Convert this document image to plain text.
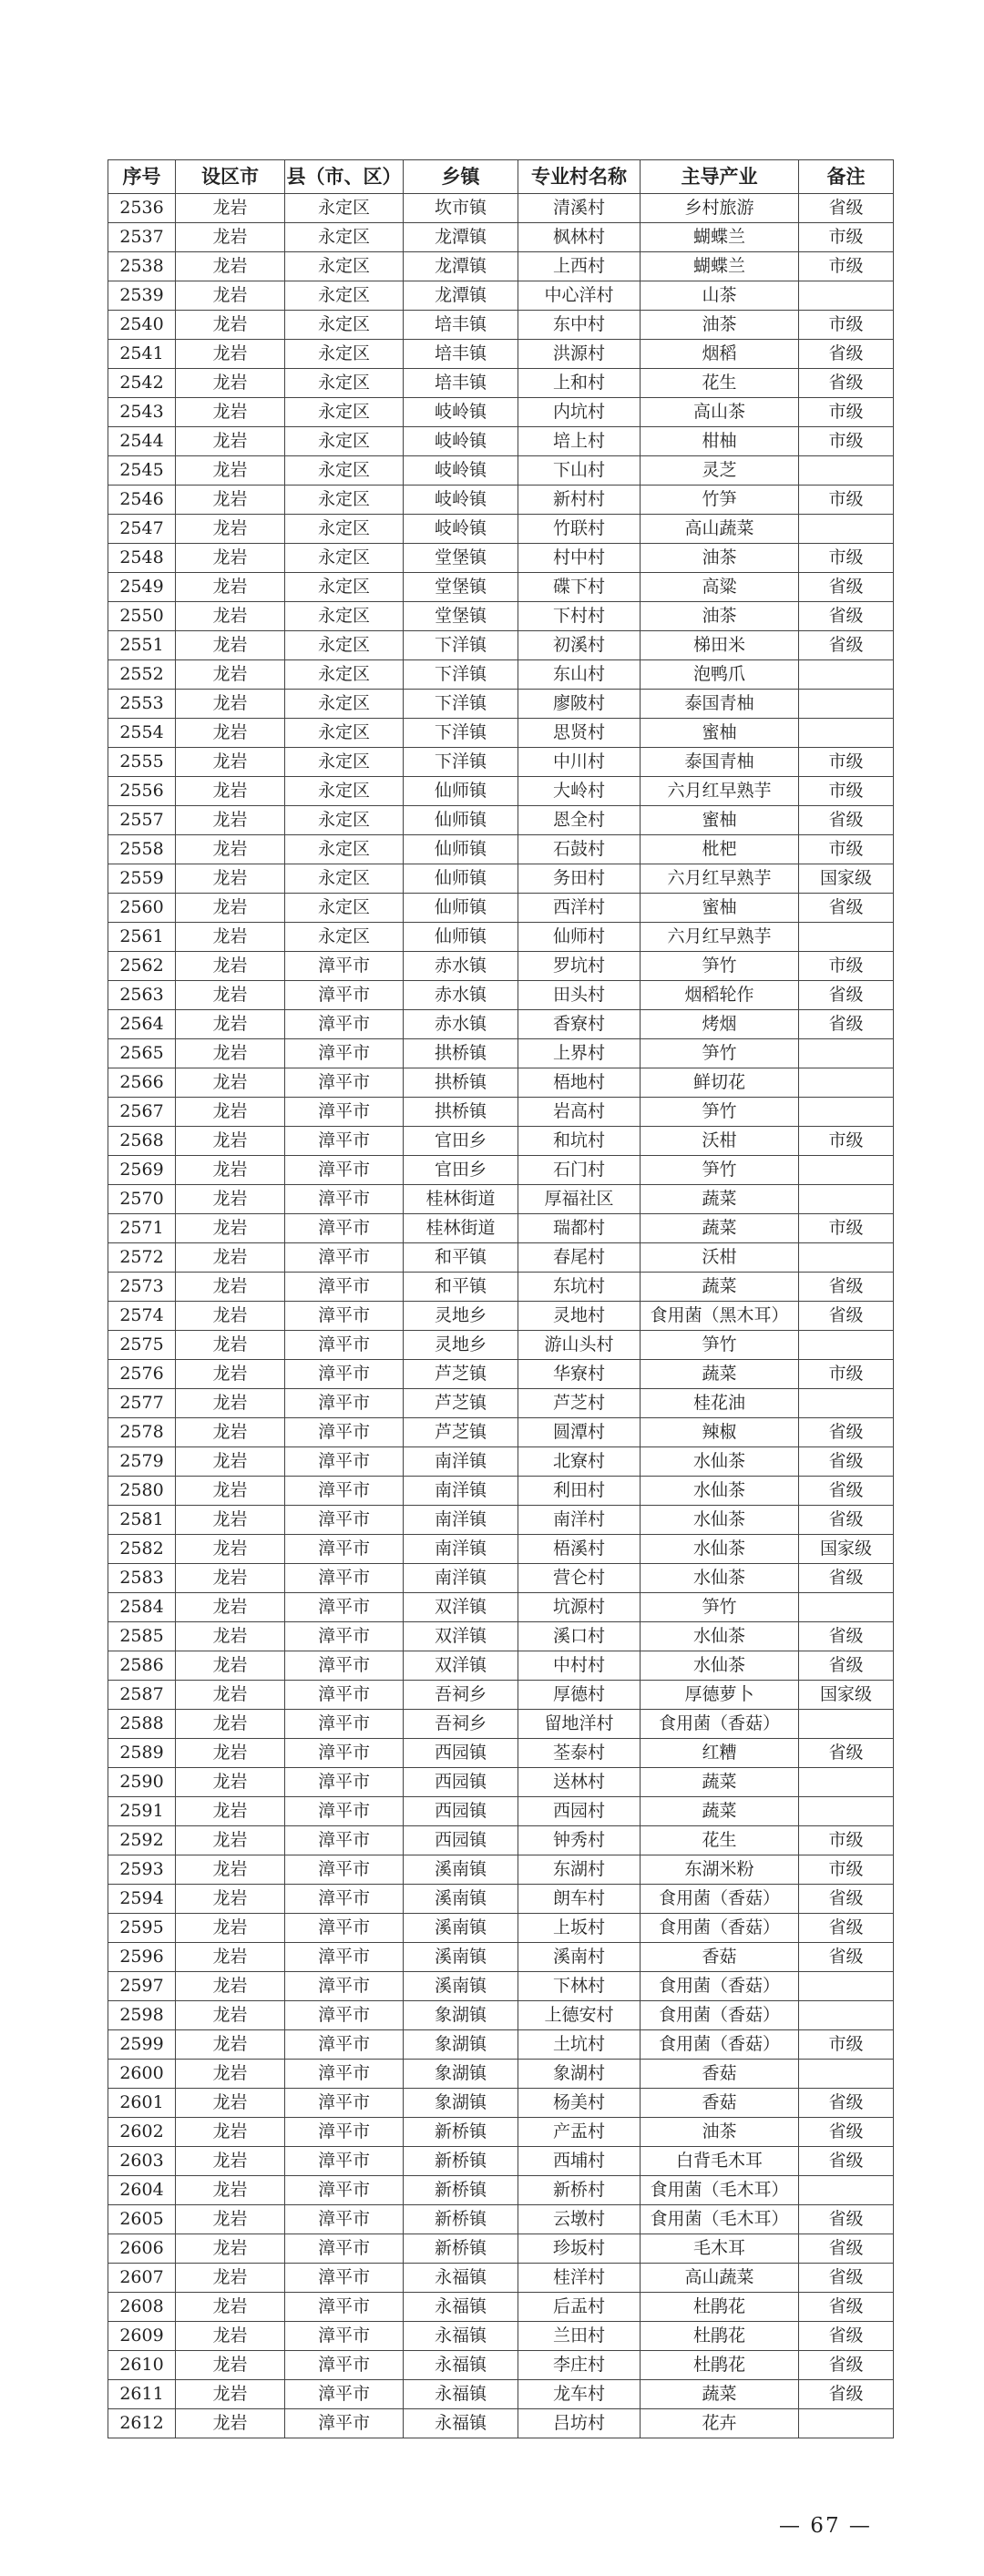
序号	设区市	县（市、区）	乡镇	专业村名称	主导产业	备注
2536	龙岩	永定区	坎市镇	清溪村	乡村旅游	省级
2537	龙岩	永定区	龙潭镇	枫林村	蝴蝶兰	市级
2538	龙岩	永定区	龙潭镇	上西村	蝴蝶兰	市级
2539	龙岩	永定区	龙潭镇	中心洋村	山茶	
2540	龙岩	永定区	培丰镇	东中村	油茶	市级
2541	龙岩	永定区	培丰镇	洪源村	烟稻	省级
2542	龙岩	永定区	培丰镇	上和村	花生	省级
2543	龙岩	永定区	岐岭镇	内坑村	高山茶	市级
2544	龙岩	永定区	岐岭镇	培上村	柑柚	市级
2545	龙岩	永定区	岐岭镇	下山村	灵芝	
2546	龙岩	永定区	岐岭镇	新村村	竹笋	市级
2547	龙岩	永定区	岐岭镇	竹联村	高山蔬菜	
2548	龙岩	永定区	堂堡镇	村中村	油茶	市级
2549	龙岩	永定区	堂堡镇	碟下村	高粱	省级
2550	龙岩	永定区	堂堡镇	下村村	油茶	省级
2551	龙岩	永定区	下洋镇	初溪村	梯田米	省级
2552	龙岩	永定区	下洋镇	东山村	泡鸭爪	
2553	龙岩	永定区	下洋镇	廖陂村	泰国青柚	
2554	龙岩	永定区	下洋镇	思贤村	蜜柚	
2555	龙岩	永定区	下洋镇	中川村	泰国青柚	市级
2556	龙岩	永定区	仙师镇	大岭村	六月红早熟芋	市级
2557	龙岩	永定区	仙师镇	恩全村	蜜柚	省级
2558	龙岩	永定区	仙师镇	石鼓村	枇杷	市级
2559	龙岩	永定区	仙师镇	务田村	六月红早熟芋	国家级
2560	龙岩	永定区	仙师镇	西洋村	蜜柚	省级
2561	龙岩	永定区	仙师镇	仙师村	六月红早熟芋	
2562	龙岩	漳平市	赤水镇	罗坑村	笋竹	市级
2563	龙岩	漳平市	赤水镇	田头村	烟稻轮作	省级
2564	龙岩	漳平市	赤水镇	香寮村	烤烟	省级
2565	龙岩	漳平市	拱桥镇	上界村	笋竹	
2566	龙岩	漳平市	拱桥镇	梧地村	鲜切花	
2567	龙岩	漳平市	拱桥镇	岩高村	笋竹	
2568	龙岩	漳平市	官田乡	和坑村	沃柑	市级
2569	龙岩	漳平市	官田乡	石门村	笋竹	
2570	龙岩	漳平市	桂林街道	厚福社区	蔬菜	
2571	龙岩	漳平市	桂林街道	瑞都村	蔬菜	市级
2572	龙岩	漳平市	和平镇	春尾村	沃柑	
2573	龙岩	漳平市	和平镇	东坑村	蔬菜	省级
2574	龙岩	漳平市	灵地乡	灵地村	食用菌（黑木耳）	省级
2575	龙岩	漳平市	灵地乡	游山头村	笋竹	
2576	龙岩	漳平市	芦芝镇	华寮村	蔬菜	市级
2577	龙岩	漳平市	芦芝镇	芦芝村	桂花油	
2578	龙岩	漳平市	芦芝镇	圆潭村	辣椒	省级
2579	龙岩	漳平市	南洋镇	北寮村	水仙茶	省级
2580	龙岩	漳平市	南洋镇	利田村	水仙茶	省级
2581	龙岩	漳平市	南洋镇	南洋村	水仙茶	省级
2582	龙岩	漳平市	南洋镇	梧溪村	水仙茶	国家级
2583	龙岩	漳平市	南洋镇	营仑村	水仙茶	省级
2584	龙岩	漳平市	双洋镇	坑源村	笋竹	
2585	龙岩	漳平市	双洋镇	溪口村	水仙茶	省级
2586	龙岩	漳平市	双洋镇	中村村	水仙茶	省级
2587	龙岩	漳平市	吾祠乡	厚德村	厚德萝卜	国家级
2588	龙岩	漳平市	吾祠乡	留地洋村	食用菌（香菇）	
2589	龙岩	漳平市	西园镇	荃泰村	红糟	省级
2590	龙岩	漳平市	西园镇	送林村	蔬菜	
2591	龙岩	漳平市	西园镇	西园村	蔬菜	
2592	龙岩	漳平市	西园镇	钟秀村	花生	市级
2593	龙岩	漳平市	溪南镇	东湖村	东湖米粉	市级
2594	龙岩	漳平市	溪南镇	朗车村	食用菌（香菇）	省级
2595	龙岩	漳平市	溪南镇	上坂村	食用菌（香菇）	省级
2596	龙岩	漳平市	溪南镇	溪南村	香菇	省级
2597	龙岩	漳平市	溪南镇	下林村	食用菌（香菇）	
2598	龙岩	漳平市	象湖镇	上德安村	食用菌（香菇）	
2599	龙岩	漳平市	象湖镇	土坑村	食用菌（香菇）	市级
2600	龙岩	漳平市	象湖镇	象湖村	香菇	
2601	龙岩	漳平市	象湖镇	杨美村	香菇	省级
2602	龙岩	漳平市	新桥镇	产盂村	油茶	省级
2603	龙岩	漳平市	新桥镇	西埔村	白背毛木耳	省级
2604	龙岩	漳平市	新桥镇	新桥村	食用菌（毛木耳）	
2605	龙岩	漳平市	新桥镇	云墩村	食用菌（毛木耳）	省级
2606	龙岩	漳平市	新桥镇	珍坂村	毛木耳	省级
2607	龙岩	漳平市	永福镇	桂洋村	高山蔬菜	省级
2608	龙岩	漳平市	永福镇	后盂村	杜鹃花	省级
2609	龙岩	漳平市	永福镇	兰田村	杜鹃花	省级
2610	龙岩	漳平市	永福镇	李庄村	杜鹃花	省级
2611	龙岩	漳平市	永福镇	龙车村	蔬菜	省级
2612	龙岩	漳平市	永福镇	吕坊村	花卉	
— 67 —
